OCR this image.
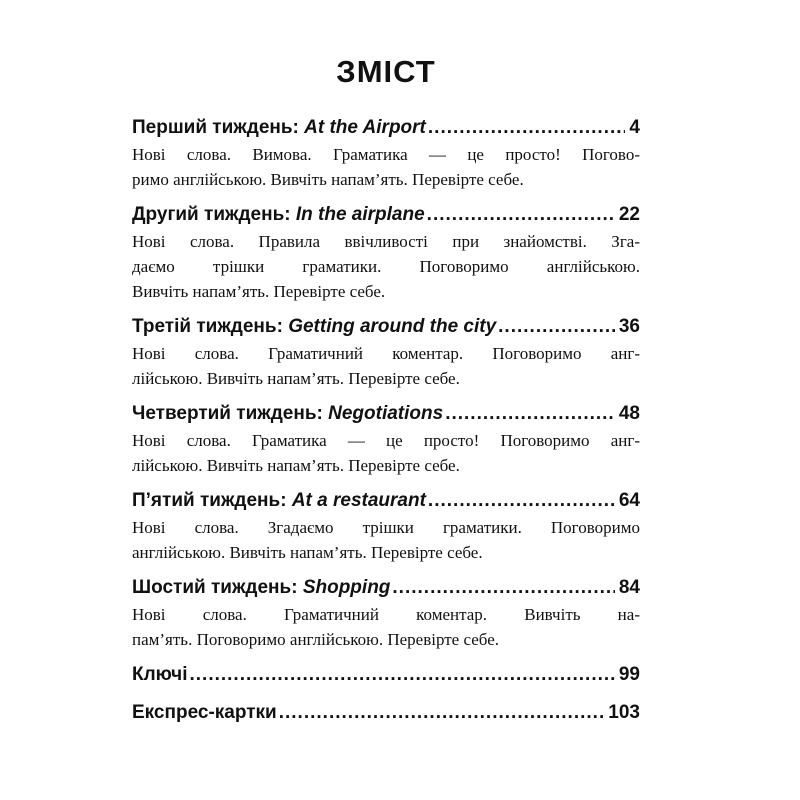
ЗМІСТ
Перший тиждень: At the Airport .....	4
Нові слова. Вимова. Граматика — це просто! Погово-
римо англійською. Вивчіть напам’ять. Перевірте себе.
Другий тиждень: In the airplane .....	22
Нові слова. Правила ввічливості при знайомстві. Зга-
даємо трішки граматики. Поговоримо англійською.
Вивчіть напам’ять. Перевірте себе.
Третій тиждень: Getting around the city .....	36
Нові слова. Граматичний коментар. Поговоримо анг-
лійською. Вивчіть напам’ять. Перевірте себе.
Четвертий тиждень: Negotiations .....	48
Нові слова. Граматика — це просто! Поговоримо анг-
лійською. Вивчіть напам’ять. Перевірте себе.
П’ятий тиждень: At a restaurant .....	64
Нові слова. Згадаємо трішки граматики. Поговоримо
англійською. Вивчіть напам’ять. Перевірте себе.
Шостий тиждень: Shopping .....	84
Нові слова. Граматичний коментар. Вивчіть на-
пам’ять. Поговоримо англійською. Перевірте себе.
Ключі .....	99
Експрес-картки .....	103
